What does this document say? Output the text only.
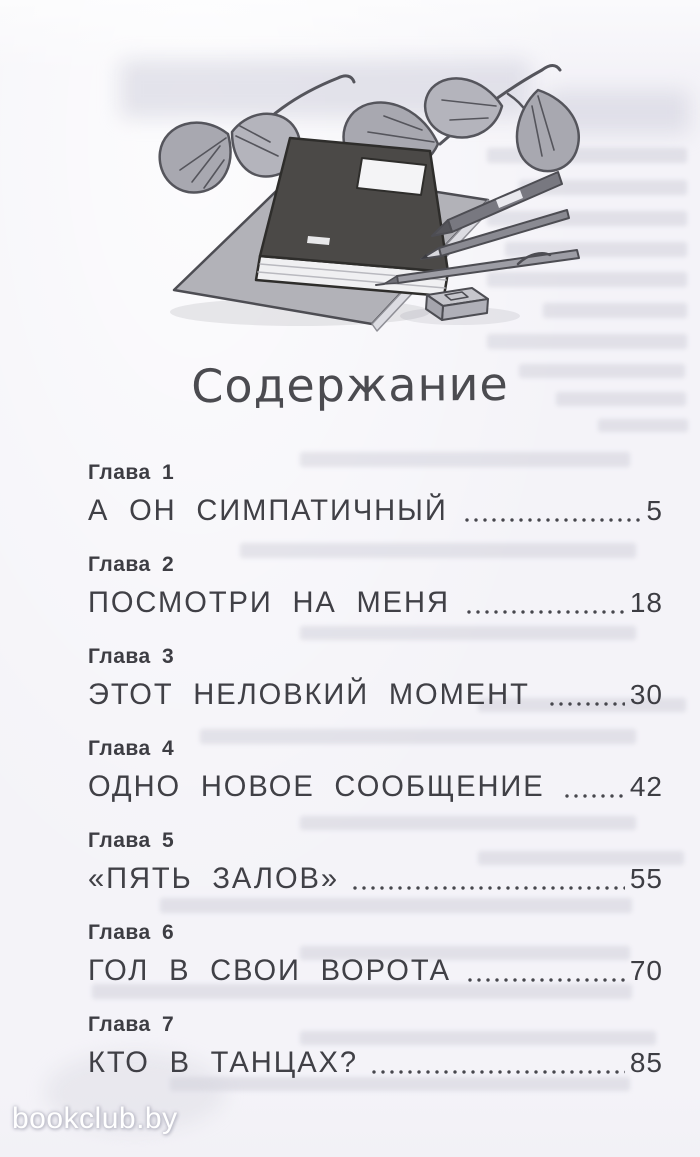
Содержание
Глава 1
А ОН СИМПАТИЧНЫЙ	5
Глава 2
ПОСМОТРИ НА МЕНЯ	18
Глава 3
ЭТОТ НЕЛОВКИЙ МОМЕНТ	30
Глава 4
ОДНО НОВОЕ СООБЩЕНИЕ	42
Глава 5
«ПЯТЬ ЗАЛОВ»	55
Глава 6
ГОЛ В СВОИ ВОРОТА	70
Глава 7
КТО В ТАНЦАХ?	85
bookclub.by
